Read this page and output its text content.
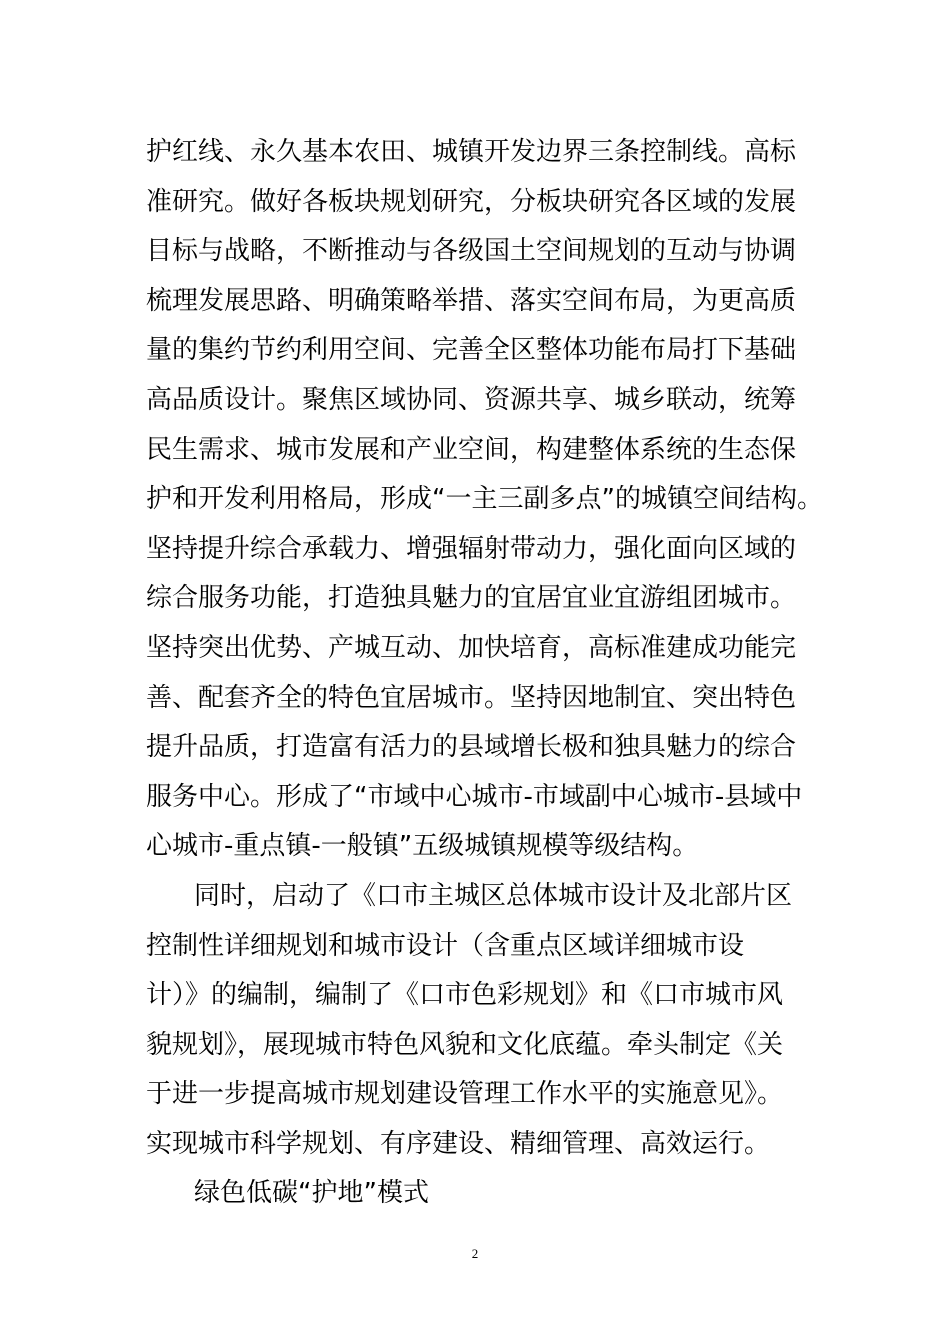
护红线、永久基本农田、城镇开发边界三条控制线。高标
准研究。做好各板块规划研究，分板块研究各区域的发展
目标与战略，不断推动与各级国土空间规划的互动与协调
梳理发展思路、明确策略举措、落实空间布局，为更高质
量的集约节约利用空间、完善全区整体功能布局打下基础
高品质设计。聚焦区域协同、资源共享、城乡联动，统筹
民生需求、城市发展和产业空间，构建整体系统的生态保
护和开发利用格局，形成“一主三副多点”的城镇空间结构。
坚持提升综合承载力、增强辐射带动力，强化面向区域的
综合服务功能，打造独具魅力的宜居宜业宜游组团城市。
坚持突出优势、产城互动、加快培育，高标准建成功能完
善、配套齐全的特色宜居城市。坚持因地制宜、突出特色
提升品质，打造富有活力的县域增长极和独具魅力的综合
服务中心。形成了“市域中心城市-市域副中心城市-县域中
心城市-重点镇-一般镇”五级城镇规模等级结构。
同时，启动了《口市主城区总体城市设计及北部片区
控制性详细规划和城市设计（含重点区域详细城市设
计）》的编制，编制了《口市色彩规划》和《口市城市风
貌规划》，展现城市特色风貌和文化底蕴。牵头制定《关
于进一步提高城市规划建设管理工作水平的实施意见》。
实现城市科学规划、有序建设、精细管理、高效运行。
绿色低碳“护地”模式
2
